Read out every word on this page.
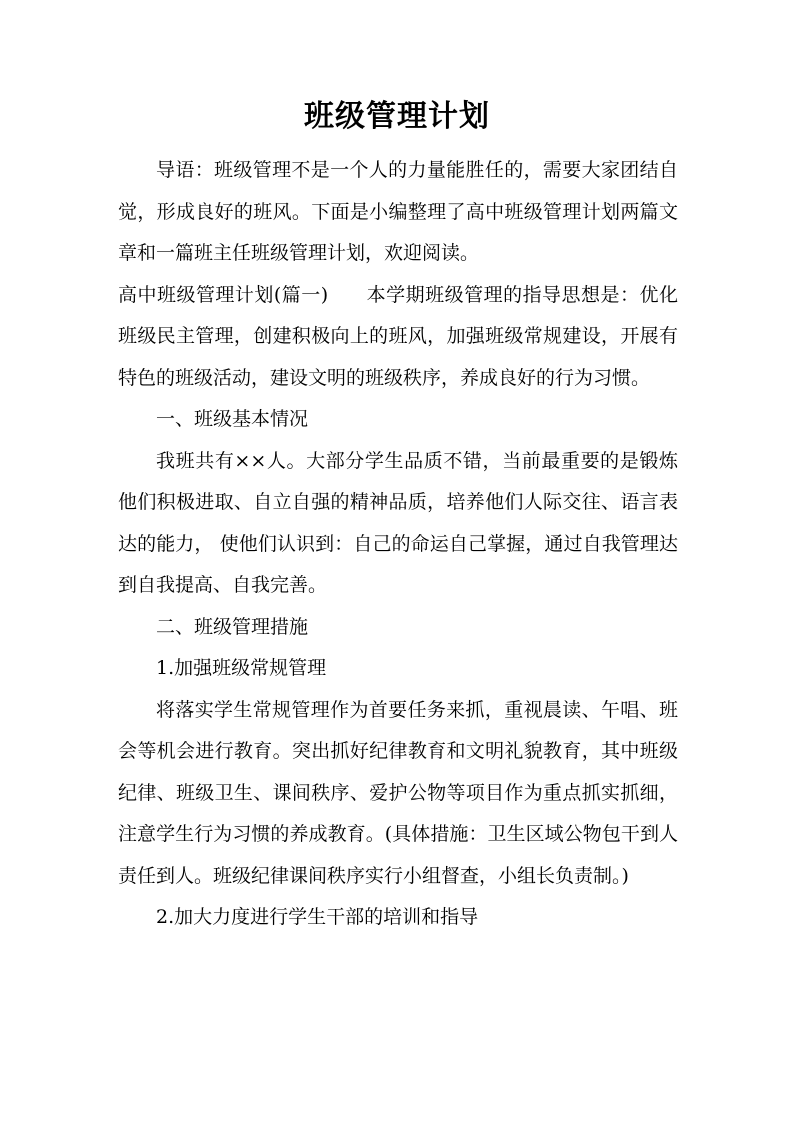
班级管理计划

导语：班级管理不是一个人的力量能胜任的，需要大家团结自觉，形成良好的班风。下面是小编整理了高中班级管理计划两篇文章和一篇班主任班级管理计划，欢迎阅读。

高中班级管理计划(篇一) 本学期班级管理的指导思想是：优化班级民主管理，创建积极向上的班风，加强班级常规建设，开展有特色的班级活动，建设文明的班级秩序，养成良好的行为习惯。

一、班级基本情况

我班共有××人。大部分学生品质不错，当前最重要的是锻炼他们积极进取、自立自强的精神品质，培养他们人际交往、语言表达的能力， 使他们认识到：自己的命运自己掌握，通过自我管理达到自我提高、自我完善。

二、班级管理措施

1.加强班级常规管理

将落实学生常规管理作为首要任务来抓，重视晨读、午唱、班会等机会进行教育。突出抓好纪律教育和文明礼貌教育，其中班级纪律、班级卫生、课间秩序、爱护公物等项目作为重点抓实抓细，注意学生行为习惯的养成教育。(具体措施：卫生区域公物包干到人责任到人。班级纪律课间秩序实行小组督查，小组长负责制。)

2.加大力度进行学生干部的培训和指导
